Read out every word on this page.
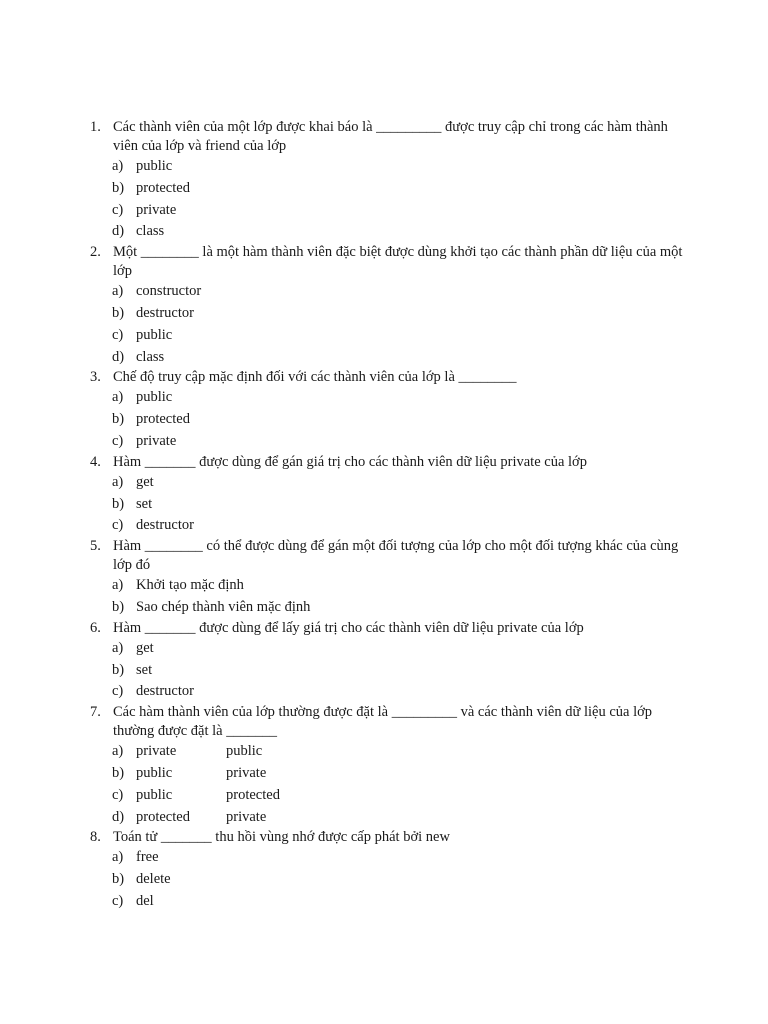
1. Các thành viên của một lớp được khai báo là _________ được truy cập chỉ trong các hàm thành viên của lớp và friend của lớp
a) public
b) protected
c) private
d) class
2. Một ________ là một hàm thành viên đặc biệt được dùng khởi tạo các thành phần dữ liệu của một lớp
a) constructor
b) destructor
c) public
d) class
3. Chế độ truy cập mặc định đối với các thành viên của lớp là ________
a) public
b) protected
c) private
4. Hàm _______ được dùng để gán giá trị cho các thành viên dữ liệu private của lớp
a) get
b) set
c) destructor
5. Hàm ________ có thể được dùng để gán một đối tượng của lớp cho một đối tượng khác của cùng lớp đó
a) Khởi tạo mặc định
b) Sao chép thành viên mặc định
6. Hàm _______ được dùng để lấy giá trị cho các thành viên dữ liệu private của lớp
a) get
b) set
c) destructor
7. Các hàm thành viên của lớp thường được đặt là _________ và các thành viên dữ liệu của lớp thường được đặt là _______
a) private	public
b) public	private
c) public	protected
d) protected	private
8. Toán tử _______ thu hồi vùng nhớ được cấp phát bởi new
a) free
b) delete
c) del
